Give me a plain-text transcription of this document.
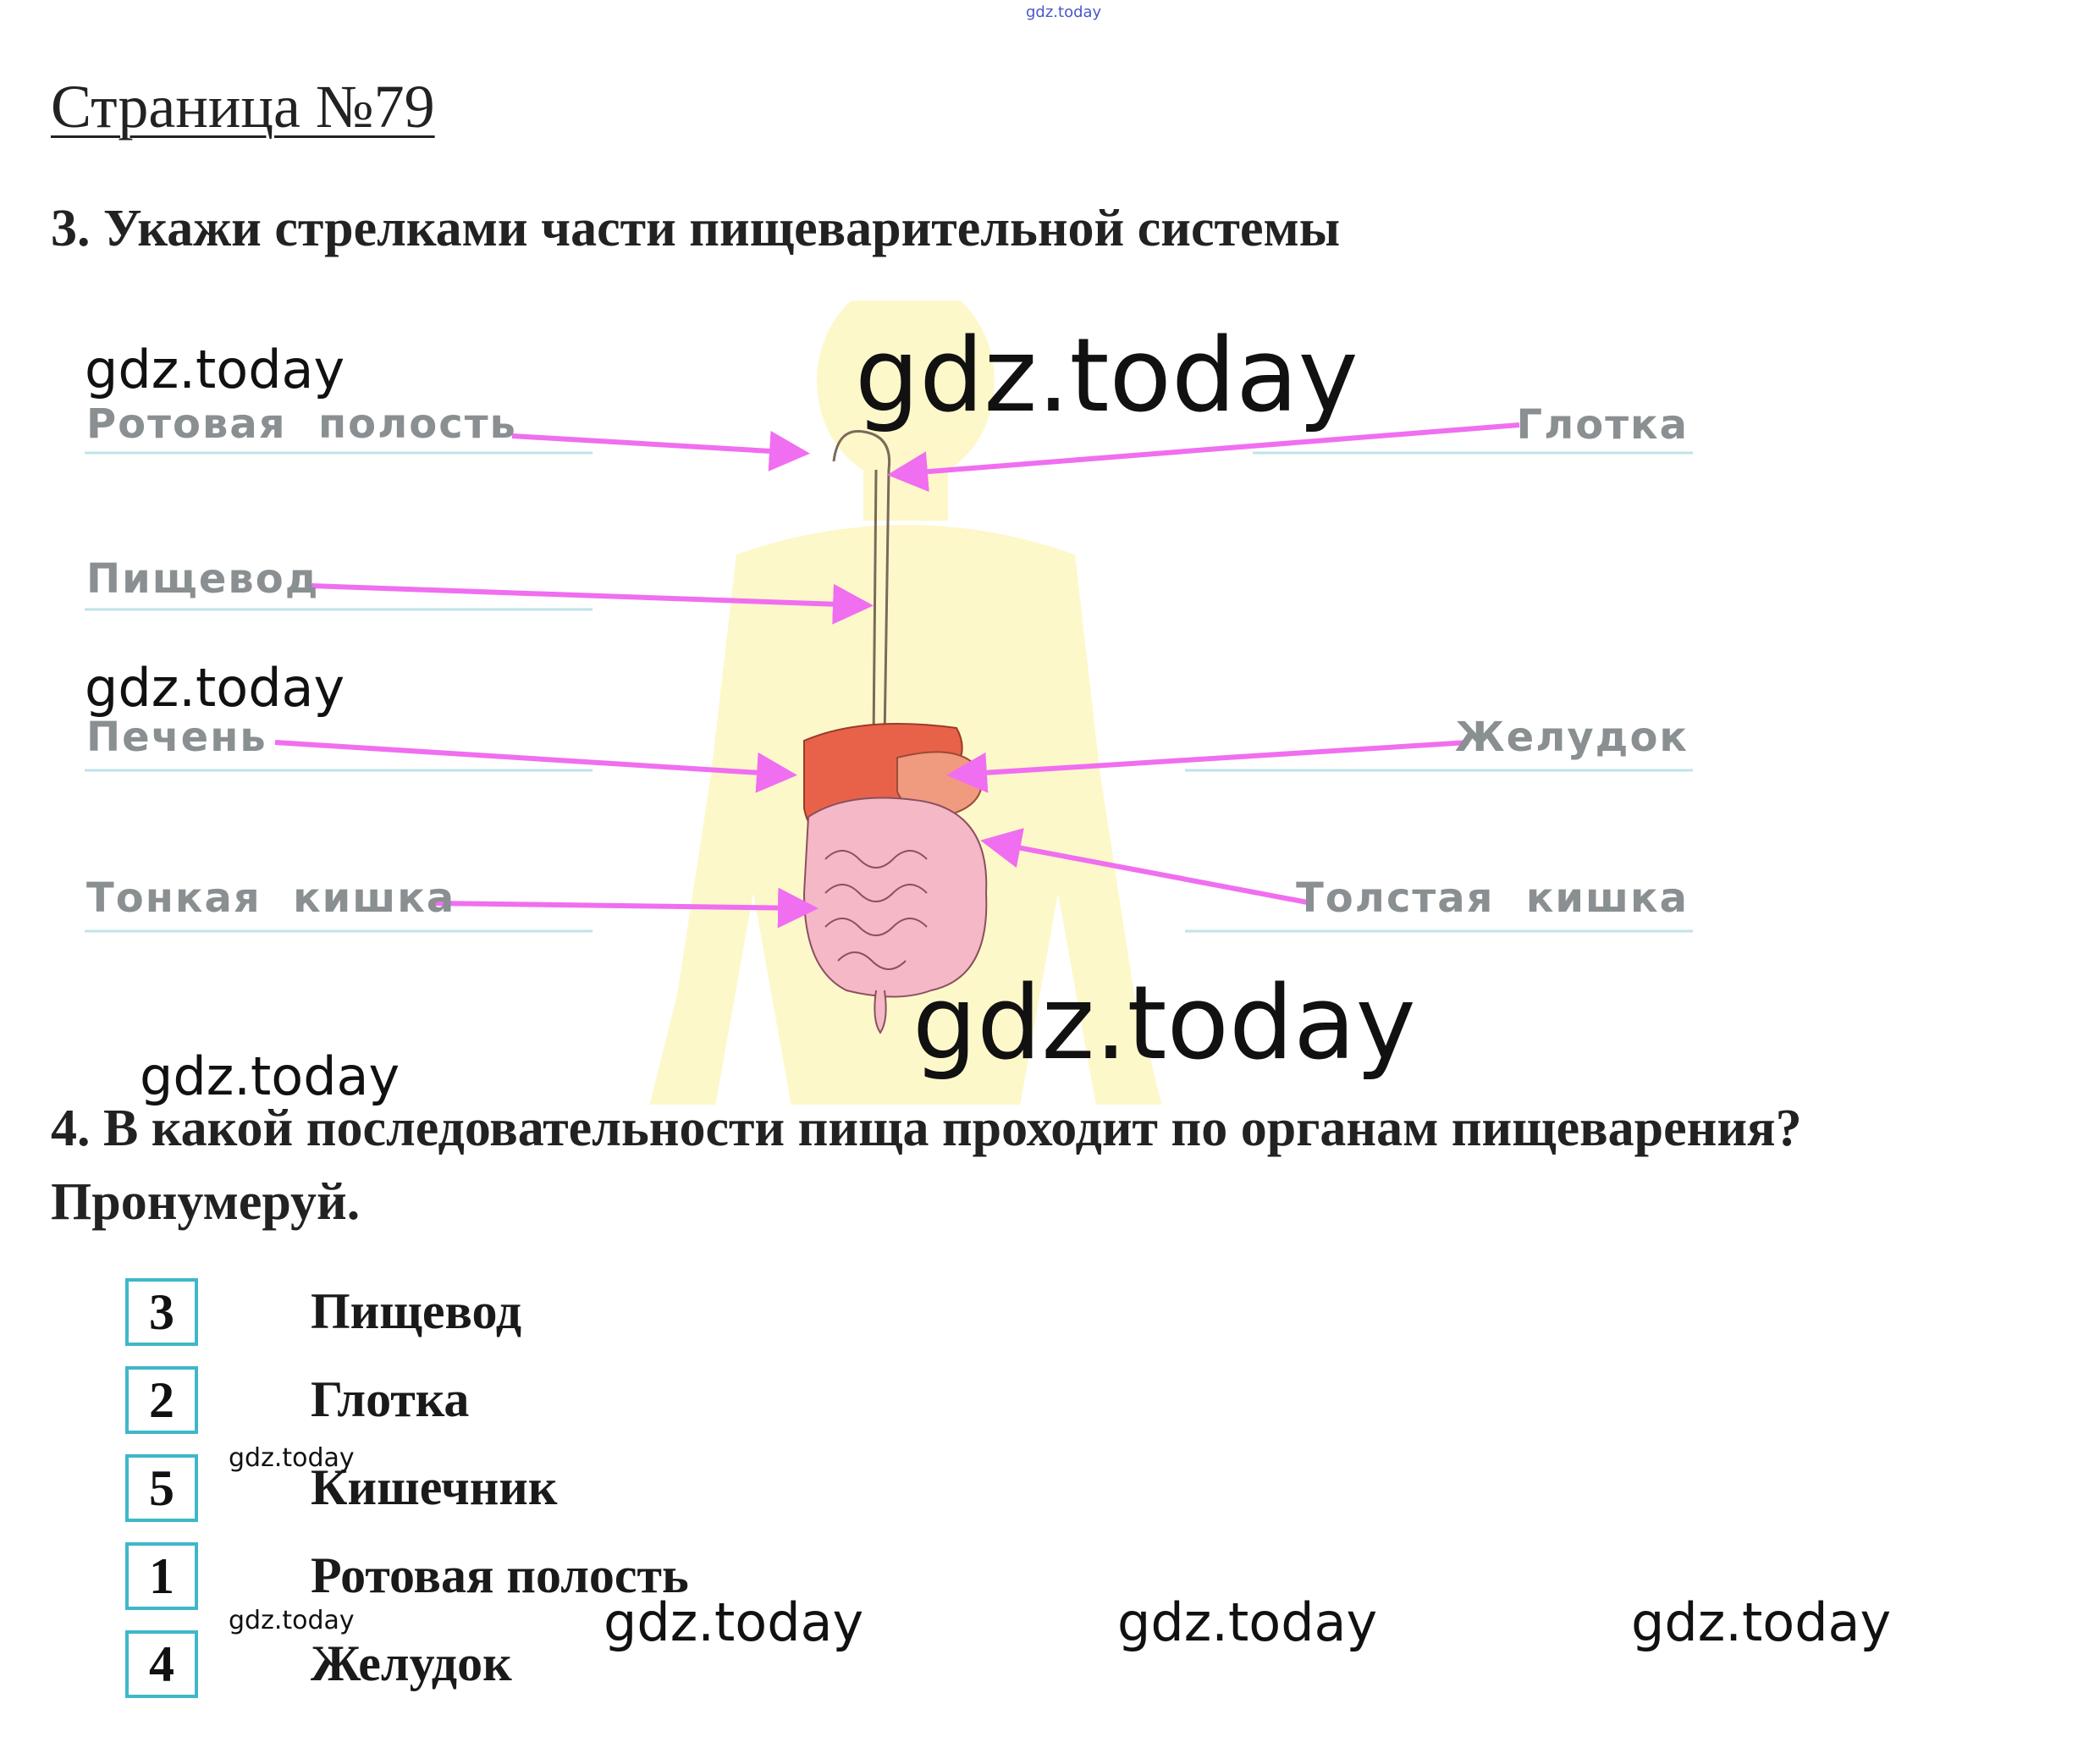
gdz.today
Страница №79
3. Укажи стрелками части пищеварительной системы
Ротовая  полость	Глотка
Пищевод
Печень	Желудок
Тонкая  кишка	Толстая  кишка
gdz.today	gdz.today
gdz.today
gdz.today
gdz.today
4. В какой последовательности пища проходит по органам пищеварения?
Пронумеруй.
3	Пищевод
2	Глотка
5	Кишечник
1	Ротовая полость
4	Желудок
gdz.today
gdz.today	gdz.today	gdz.today	gdz.today
